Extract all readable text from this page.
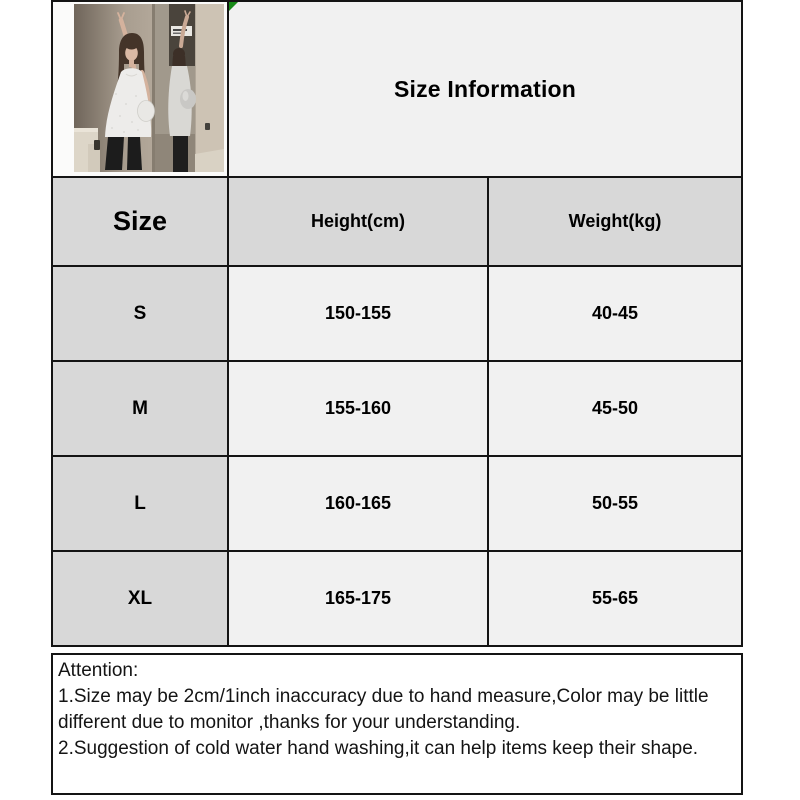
Size Information
Size	Height(cm)	Weight(kg)
S	150-155	40-45
M	155-160	45-50
L	160-165	50-55
XL	165-175	55-65
Attention:
1.Size may be 2cm/1inch inaccuracy due to hand measure,Color may be little
different due to monitor ,thanks for your understanding.
2.Suggestion of cold water hand washing,it can help items keep their shape.
